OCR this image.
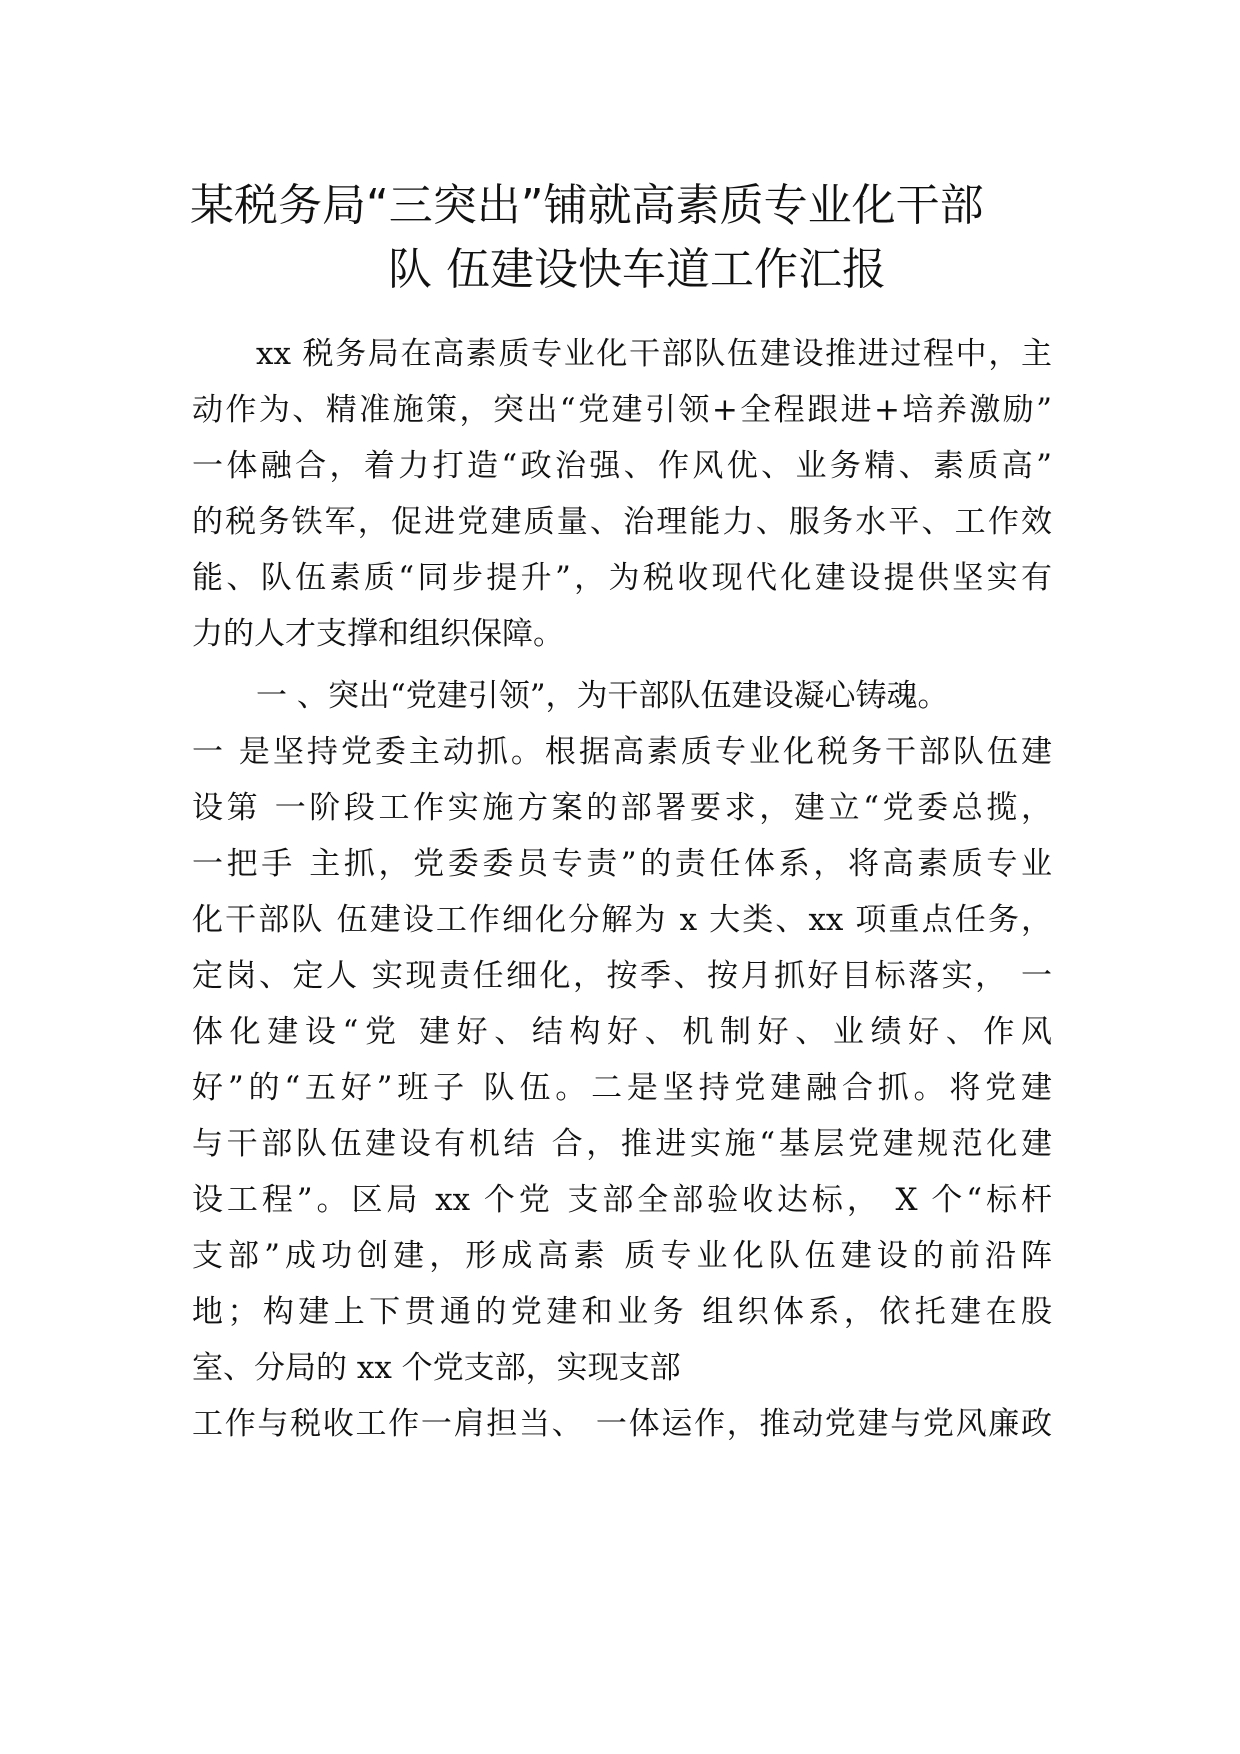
某税务局“三突出”铺就高素质专业化干部
队 伍建设快车道工作汇报
xx 税务局在高素质专业化干部队伍建设推进过程中，主
动作为、精准施策，突出“党建引领+全程跟进+培养激励”
一体融合，着力打造“政治强、作风优、业务精、素质高”
的税务铁军，促进党建质量、治理能力、服务水平、工作效
能、队伍素质“同步提升”，为税收现代化建设提供坚实有
力的人才支撑和组织保障。
一 、突出“党建引领”，为干部队伍建设凝心铸魂。
一 是坚持党委主动抓。根据高素质专业化税务干部队伍建
设第 一阶段工作实施方案的部署要求，建立“党委总揽，
一把手 主抓，党委委员专责”的责任体系，将高素质专业
化干部队 伍建设工作细化分解为 x 大类、xx 项重点任务，
定岗、定人 实现责任细化，按季、按月抓好目标落实， 一
体化建设“党 建好、结构好、机制好、业绩好、作风
好”的“五好”班子 队伍。二是坚持党建融合抓。将党建
与干部队伍建设有机结 合，推进实施“基层党建规范化建
设工程”。区局 xx 个党 支部全部验收达标， X 个“标杆
支部”成功创建，形成高素 质专业化队伍建设的前沿阵
地；构建上下贯通的党建和业务 组织体系，依托建在股
室、分局的 xx 个党支部，实现支部
工作与税收工作一肩担当、 一体运作，推动党建与党风廉政
